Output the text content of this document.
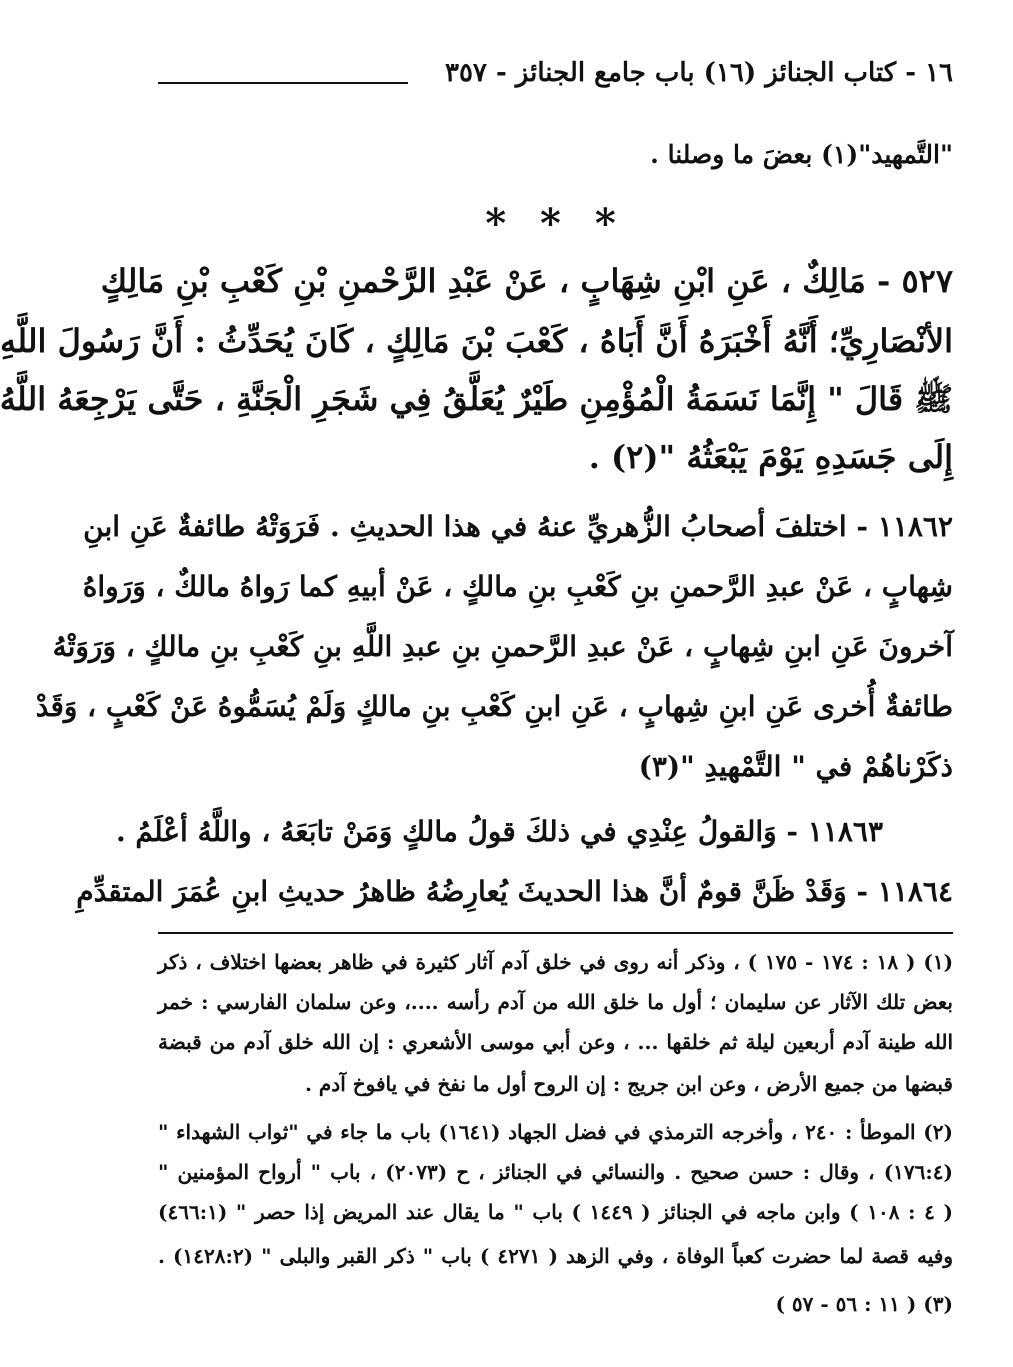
١٦ - كتاب الجنائز (١٦) باب جامع الجنائز - ٣٥٧
"التَّمهيد"(١) بعضَ ما وصلنا .
* * *
٥٢٧ - مَالِكٌ ، عَنِ ابْنِ شِهَابٍ ، عَنْ عَبْدِ الرَّحْمنِ بْنِ كَعْبِ بْنِ مَالِكٍ
الأنْصَارِيِّ؛ أَنَّهُ أَخْبَرَهُ أَنَّ أَبَاهُ ، كَعْبَ بْنَ مَالِكٍ ، كَانَ يُحَدِّثُ : أَنَّ رَسُولَ اللَّهِ
ﷺ قَالَ " إِنَّمَا نَسَمَةُ الْمُؤْمِنِ طَيْرٌ يُعَلَّقُ فِي شَجَرِ الْجَنَّةِ ، حَتَّى يَرْجِعَهُ اللَّهُ
إِلَى جَسَدِهِ يَوْمَ يَبْعَثُهُ "(٢) .
١١٨٦٢ - اختلفَ أصحابُ الزُّهريِّ عنهُ في هذا الحديثِ . فَرَوَتْهُ طائفةٌ عَنِ ابنِ
شِهابٍ ، عَنْ عبدِ الرَّحمنِ بنِ كَعْبِ بنِ مالكٍ ، عَنْ أبيهِ كما رَواهُ مالكٌ ، وَرَواهُ
آخرونَ عَنِ ابنِ شِهابٍ ، عَنْ عبدِ الرَّحمنِ بنِ عبدِ اللَّهِ بنِ كَعْبِ بنِ مالكٍ ، وَرَوَتْهُ
طائفةٌ أُخرى عَنِ ابنِ شِهابٍ ، عَنِ ابنِ كَعْبِ بنِ مالكٍ وَلَمْ يُسَمُّوهُ عَنْ كَعْبٍ ، وَقَدْ
ذكَرْناهُمْ في " التَّمْهيدِ "(٣)
١١٨٦٣ - وَالقولُ عِنْدِي في ذلكَ قولُ مالكٍ وَمَنْ تابَعَهُ ، واللَّهُ أعْلَمُ .
١١٨٦٤ - وَقَدْ ظَنَّ قومٌ أنَّ هذا الحديثَ يُعارِضُهُ ظاهرُ حديثِ ابنِ عُمَرَ المتقدِّمِ
(١) ( ١٨ : ١٧٤ - ١٧٥ ) ، وذكر أنه روى في خلق آدم آثار كثيرة في ظاهر بعضها اختلاف ، ذكر
بعض تلك الآثار عن سليمان ؛ أول ما خلق الله من آدم رأسه ....، وعن سلمان الفارسي : خمر
الله طينة آدم أربعين ليلة ثم خلقها ... ، وعن أبي موسى الأشعري : إن الله خلق آدم من قبضة
قبضها من جميع الأرض ، وعن ابن جريج : إن الروح أول ما نفخ في يافوخ آدم .
(٢) الموطأ : ٢٤٠ ، وأخرجه الترمذي في فضل الجهاد (١٦٤١) باب ما جاء في "ثواب الشهداء "
(١٧٦:٤) ، وقال : حسن صحيح . والنسائي في الجنائز ، ح (٢٠٧٣) ، باب " أرواح المؤمنين "
( ٤ : ١٠٨ ) وابن ماجه في الجنائز ( ١٤٤٩ ) باب " ما يقال عند المريض إذا حصر " (٤٦٦:١)
وفيه قصة لما حضرت كعباً الوفاة ، وفي الزهد ( ٤٢٧١ ) باب " ذكر القبر والبلى " (١٤٢٨:٢) .
(٣) ( ١١ : ٥٦ - ٥٧ )
